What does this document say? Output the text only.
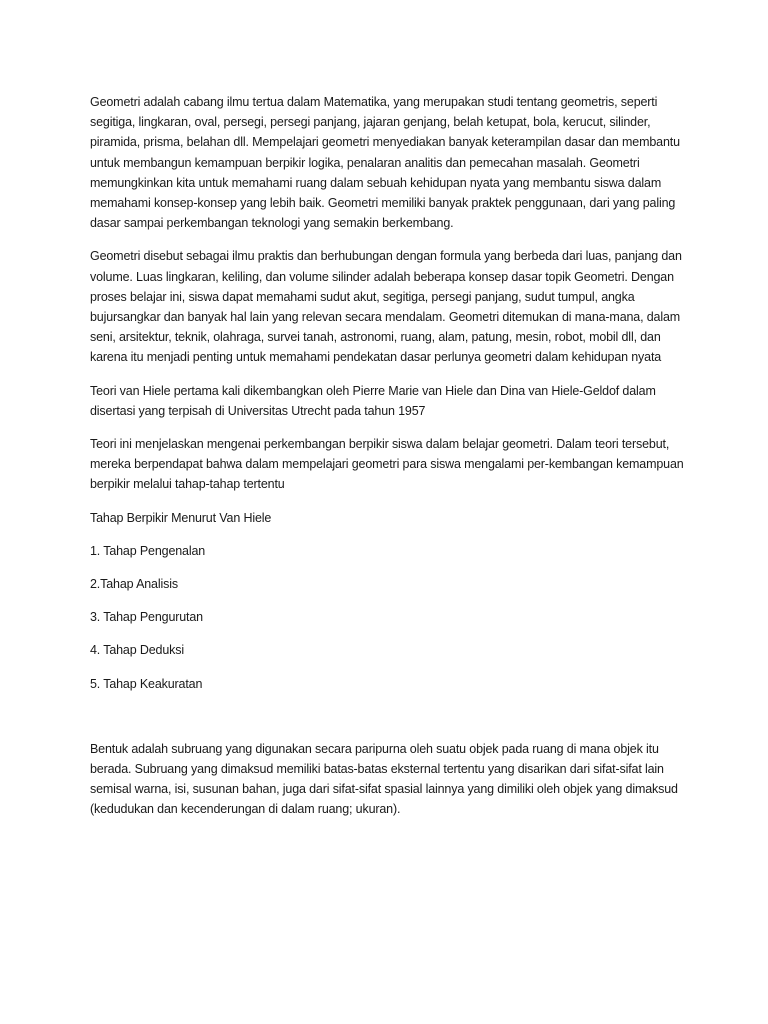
Geometri adalah cabang ilmu tertua dalam Matematika, yang merupakan studi tentang geometris, seperti segitiga, lingkaran, oval, persegi, persegi panjang, jajaran genjang, belah ketupat, bola, kerucut, silinder, piramida, prisma, belahan dll. Mempelajari geometri menyediakan banyak keterampilan dasar dan membantu untuk membangun kemampuan berpikir logika, penalaran analitis dan pemecahan masalah. Geometri memungkinkan kita untuk memahami ruang dalam sebuah kehidupan nyata yang membantu siswa dalam memahami konsep-konsep yang lebih baik. Geometri memiliki banyak praktek penggunaan, dari yang paling dasar sampai perkembangan teknologi yang semakin berkembang.

Geometri disebut sebagai ilmu praktis dan berhubungan dengan formula yang berbeda dari luas, panjang dan volume. Luas lingkaran, keliling, dan volume silinder adalah beberapa konsep dasar topik Geometri. Dengan proses belajar ini, siswa dapat memahami sudut akut, segitiga, persegi panjang, sudut tumpul, angka bujursangkar dan banyak hal lain yang relevan secara mendalam. Geometri ditemukan di mana-mana, dalam seni, arsitektur, teknik, olahraga, survei tanah, astronomi, ruang, alam, patung, mesin, robot, mobil dll, dan karena itu menjadi penting untuk memahami pendekatan dasar perlunya geometri dalam kehidupan nyata

Teori van Hiele pertama kali dikembangkan oleh Pierre Marie van Hiele dan Dina van Hiele-Geldof dalam disertasi yang terpisah di Universitas Utrecht pada tahun 1957

Teori ini menjelaskan mengenai perkembangan berpikir siswa dalam belajar geometri. Dalam teori tersebut, mereka berpendapat bahwa dalam mempelajari geometri para siswa mengalami per-kembangan kemampuan berpikir melalui tahap-tahap tertentu

Tahap Berpikir Menurut Van Hiele

1. Tahap Pengenalan

2.Tahap Analisis

3. Tahap Pengurutan

4. Tahap Deduksi

5. Tahap Keakuratan

Bentuk adalah subruang yang digunakan secara paripurna oleh suatu objek pada ruang di mana objek itu berada. Subruang yang dimaksud memiliki batas-batas eksternal tertentu yang disarikan dari sifat-sifat lain semisal warna, isi, susunan bahan, juga dari sifat-sifat spasial lainnya yang dimiliki oleh objek yang dimaksud (kedudukan dan kecenderungan di dalam ruang; ukuran).
